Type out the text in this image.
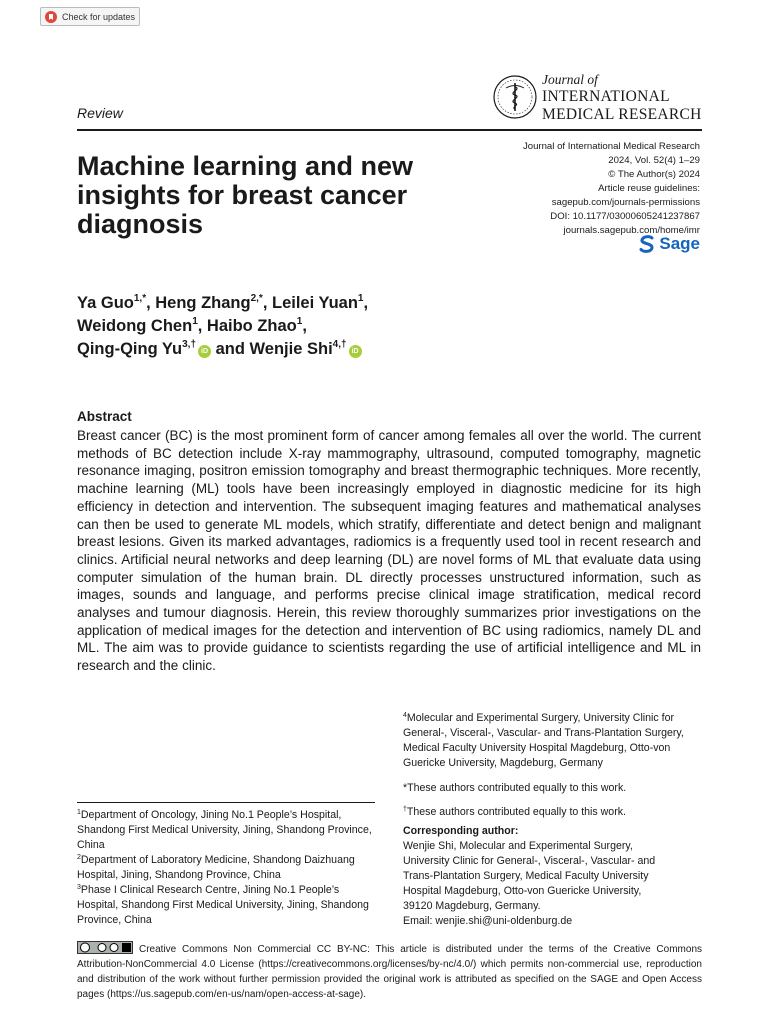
Check for updates
Journal of
INTERNATIONAL
MEDICAL RESEARCH
Review
Machine learning and new insights for breast cancer diagnosis
Journal of International Medical Research
2024, Vol. 52(4) 1–29
© The Author(s) 2024
Article reuse guidelines:
sagepub.com/journals-permissions
DOI: 10.1177/03000605241237867
journals.sagepub.com/home/imr
Sage
Ya Guo$^{1,*}$, Heng Zhang$^{2,*}$, Leilei Yuan$^1$,
Weidong Chen$^1$, Haibo Zhao$^1$,
Qing-Qing $Yu^{3,\dagger}iD$ and Wenjie Shi$^{4,\dagger}$iD
Abstract
Breast cancer (BC) is the most prominent form of cancer among females all over the world. The current methods of BC detection include X-ray mammography, ultrasound, computed tomography, magnetic resonance imaging, positron emission tomography and breast thermographic techniques. More recently, machine learning (ML) tools have been increasingly employed in diagnostic medicine for its high efficiency in detection and intervention. The subsequent imaging features and mathematical analyses can then be used to generate ML models, which stratify, differentiate and detect benign and malignant breast lesions. Given its marked advantages, radiomics is a frequently used tool in recent research and clinics. Artificial neural networks and deep learning (DL) are novel forms of ML that evaluate data using computer simulation of the human brain. DL directly processes unstructured information, such as images, sounds and language, and performs precise clinical image stratification, medical record analyses and tumour diagnosis. Herein, this review thoroughly summarizes prior investigations on the application of medical images for the detection and intervention of BC using radiomics, namely DL and ML. The aim was to provide guidance to scientists regarding the use of artificial intelligence and ML in research and the clinic.
$^4$Molecular and Experimental Surgery, University Clinic for General-, Visceral-, Vascular- and Trans-Plantation Surgery, Medical Faculty University Hospital Magdeburg, Otto-von Guericke University, Magdeburg, Germany
*These authors contributed equally to this work.
†These authors contributed equally to this work.
Corresponding author:
Wenjie Shi, Molecular and Experimental Surgery,
University Clinic for General-, Visceral-, Vascular- and
Trans-Plantation Surgery, Medical Faculty University
Hospital Magdeburg, Otto-von Guericke University,
39120 Magdeburg, Germany.
Email: wenjie.shi@uni-oldenburg.de
$^1$Department of Oncology, Jining No.1 People’s Hospital, Shandong First Medical University, Jining, Shandong Province, China
$^2$Department of Laboratory Medicine, Shandong Daizhuang Hospital, Jining, Shandong Province, China
$^3$Phase I Clinical Research Centre, Jining No.1 People’s Hospital, Shandong First Medical University, Jining, Shandong Province, China
Creative Commons Non Commercial CC BY-NC: This article is distributed under the terms of the Creative Commons Attribution-NonCommercial 4.0 License (https://creativecommons.org/licenses/by-nc/4.0/) which permits non-commercial use, reproduction and distribution of the work without further permission provided the original work is attributed as specified on the SAGE and Open Access pages (https://us.sagepub.com/en-us/nam/open-access-at-sage).
